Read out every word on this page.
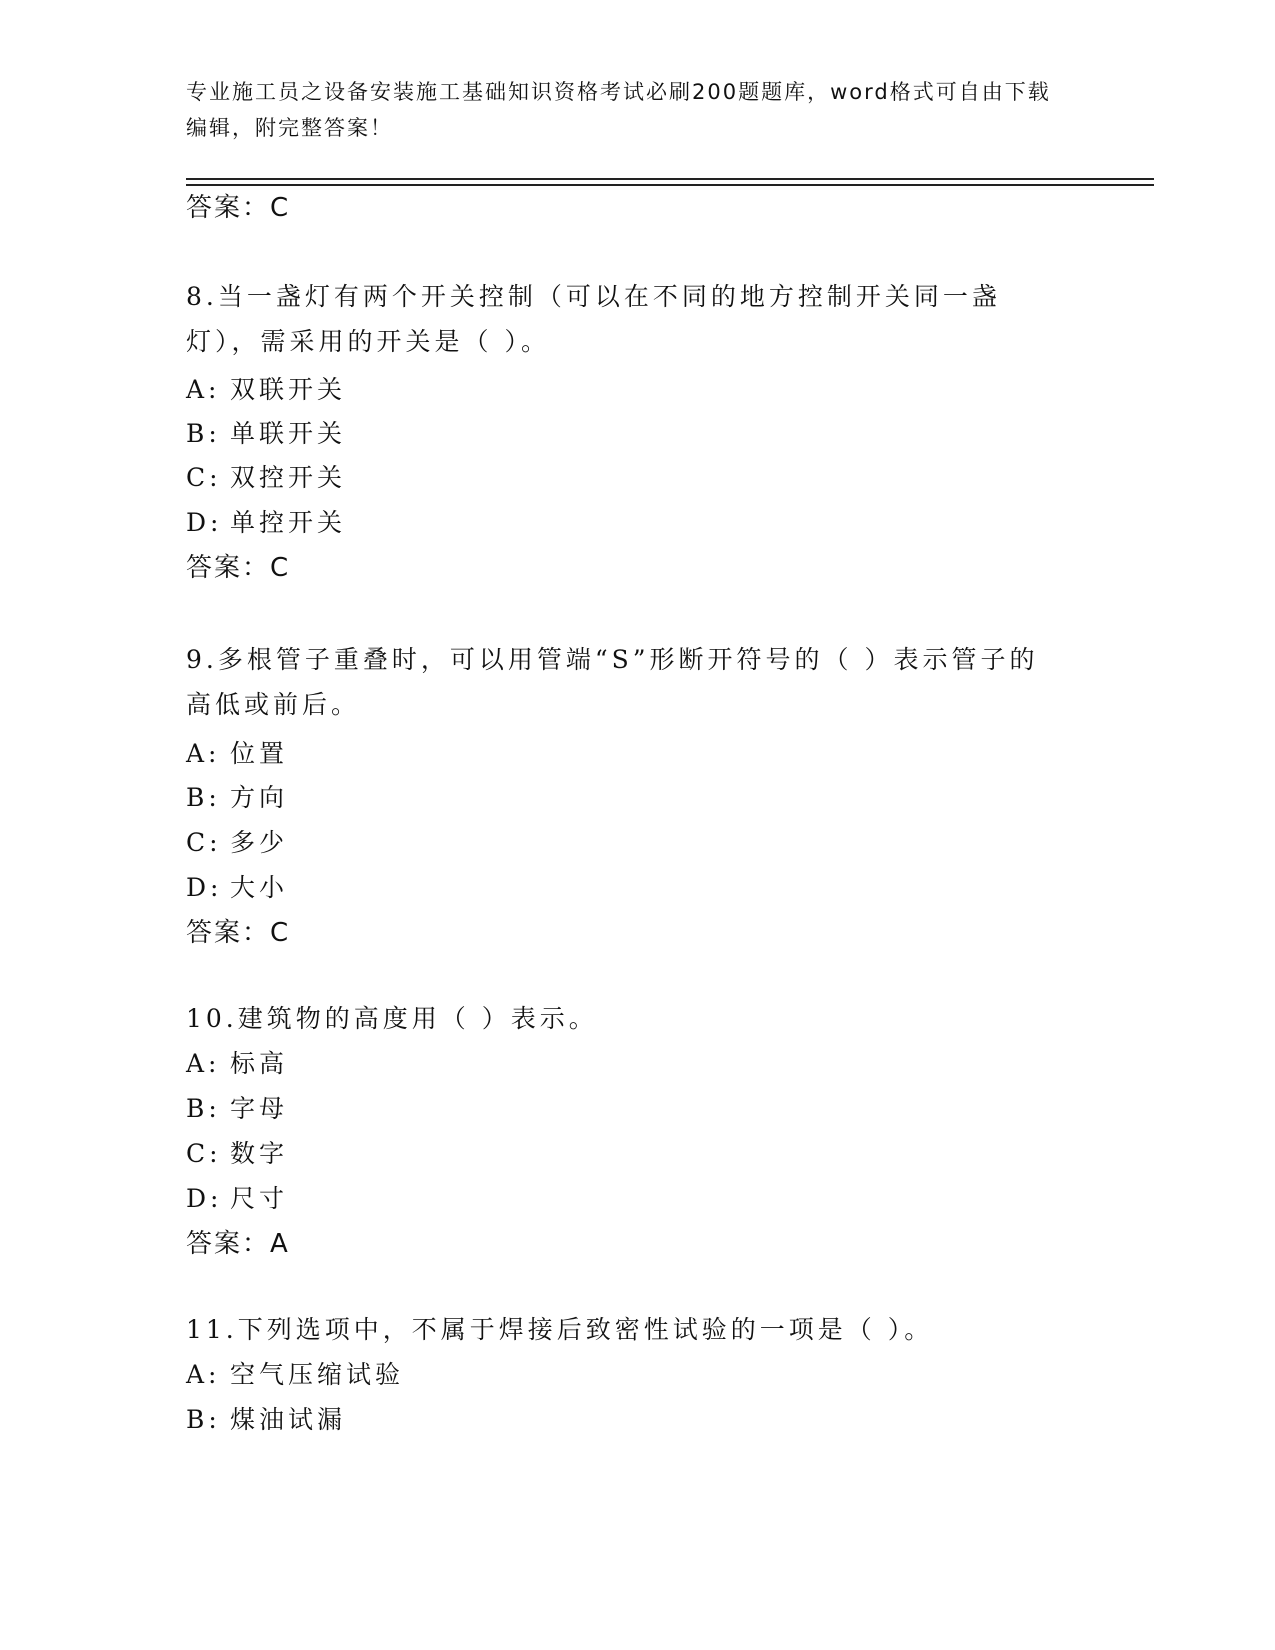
专业施工员之设备安装施工基础知识资格考试必刷200题题库，word格式可自由下载编辑，附完整答案！
答案：C
8.当一盏灯有两个开关控制（可以在不同的地方控制开关同一盏灯），需采用的开关是（ ）。
A: 双联开关
B: 单联开关
C: 双控开关
D: 单控开关
答案：C
9.多根管子重叠时，可以用管端“S”形断开符号的（ ）表示管子的高低或前后。
A: 位置
B: 方向
C: 多少
D: 大小
答案：C
10.建筑物的高度用（ ）表示。
A: 标高
B: 字母
C: 数字
D: 尺寸
答案：A
11.下列选项中，不属于焊接后致密性试验的一项是（ ）。
A: 空气压缩试验
B: 煤油试漏
